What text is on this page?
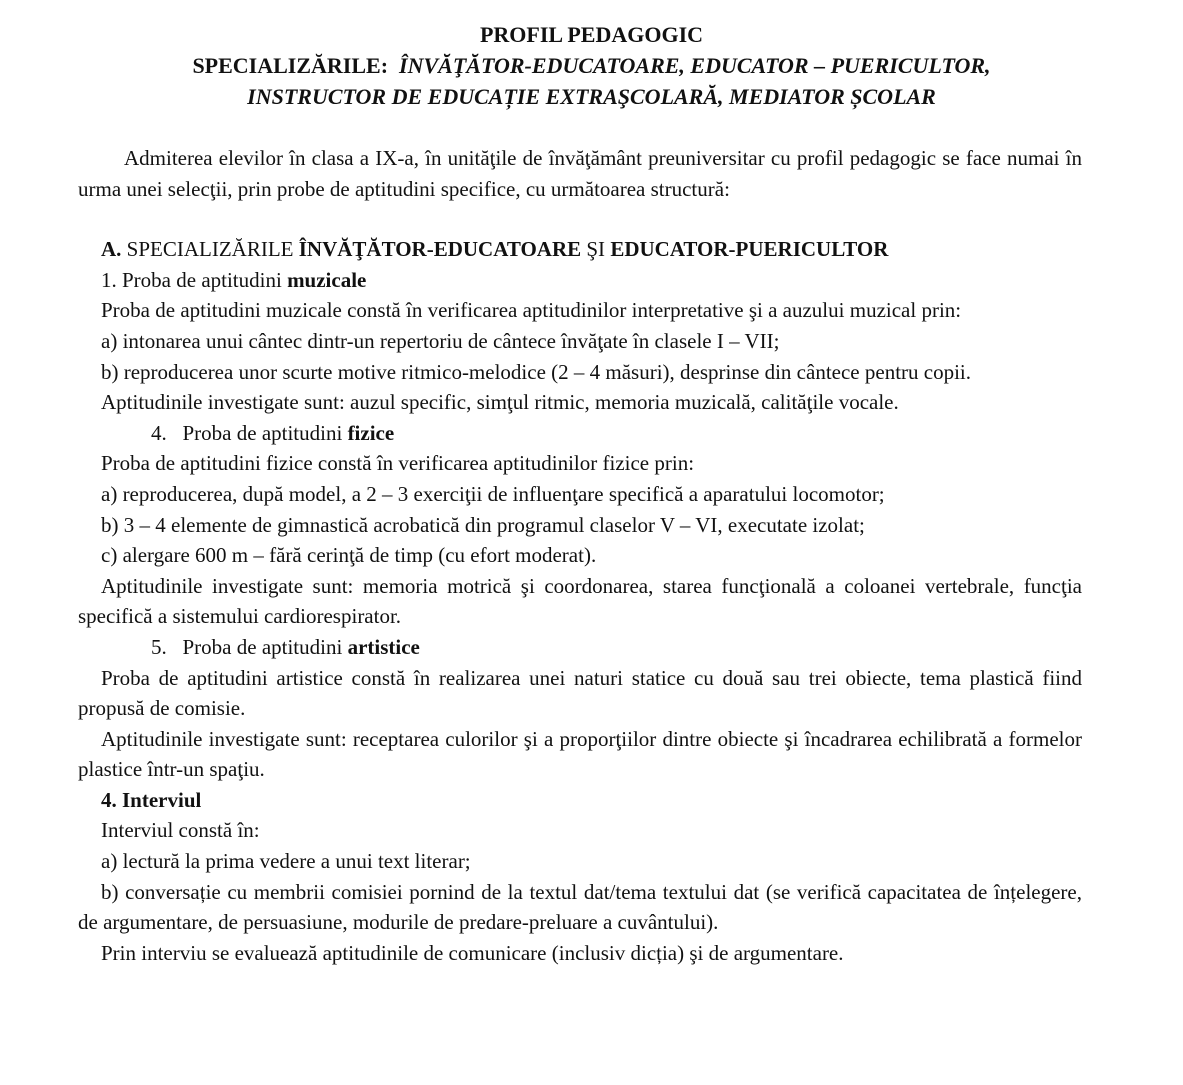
PROFIL PEDAGOGIC
SPECIALIZĂRILE: ÎNVĂŢĂTOR-EDUCATOARE, EDUCATOR – PUERICULTOR,
INSTRUCTOR DE EDUCAȚIE EXTRAŞCOLARĂ, MEDIATOR ȘCOLAR

Admiterea elevilor în clasa a IX-a, în unităţile de învăţământ preuniversitar cu profil pedagogic se face numai în urma unei selecţii, prin probe de aptitudini specifice, cu următoarea structură:

A. SPECIALIZĂRILE ÎNVĂŢĂTOR-EDUCATOARE ŞI EDUCATOR-PUERICULTOR

1. Proba de aptitudini muzicale

Proba de aptitudini muzicale constă în verificarea aptitudinilor interpretative şi a auzului muzical prin:

a) intonarea unui cântec dintr-un repertoriu de cântece învăţate în clasele I – VII;

b) reproducerea unor scurte motive ritmico-melodice (2 – 4 măsuri), desprinse din cântece pentru copii.

Aptitudinile investigate sunt: auzul specific, simţul ritmic, memoria muzicală, calităţile vocale.

4.   Proba de aptitudini fizice

Proba de aptitudini fizice constă în verificarea aptitudinilor fizice prin:

a) reproducerea, după model, a 2 – 3 exerciţii de influenţare specifică a aparatului locomotor;

b) 3 – 4 elemente de gimnastică acrobatică din programul claselor V – VI, executate izolat;

c) alergare 600 m – fără cerinţă de timp (cu efort moderat).

Aptitudinile investigate sunt: memoria motrică şi coordonarea, starea funcţională a coloanei vertebrale, funcţia specifică a sistemului cardiorespirator.

5.   Proba de aptitudini artistice

Proba de aptitudini artistice constă în realizarea unei naturi statice cu două sau trei obiecte, tema plastică fiind propusă de comisie.

Aptitudinile investigate sunt: receptarea culorilor şi a proporţiilor dintre obiecte şi încadrarea echilibrată a formelor plastice într-un spaţiu.

4. Interviul

Interviul constă în:

a) lectură la prima vedere a unui text literar;

b) conversație cu membrii comisiei pornind de la textul dat/tema textului dat (se verifică capacitatea de înțelegere, de argumentare, de persuasiune, modurile de predare-preluare a cuvântului).

Prin interviu se evaluează aptitudinile de comunicare (inclusiv dicția) şi de argumentare.
